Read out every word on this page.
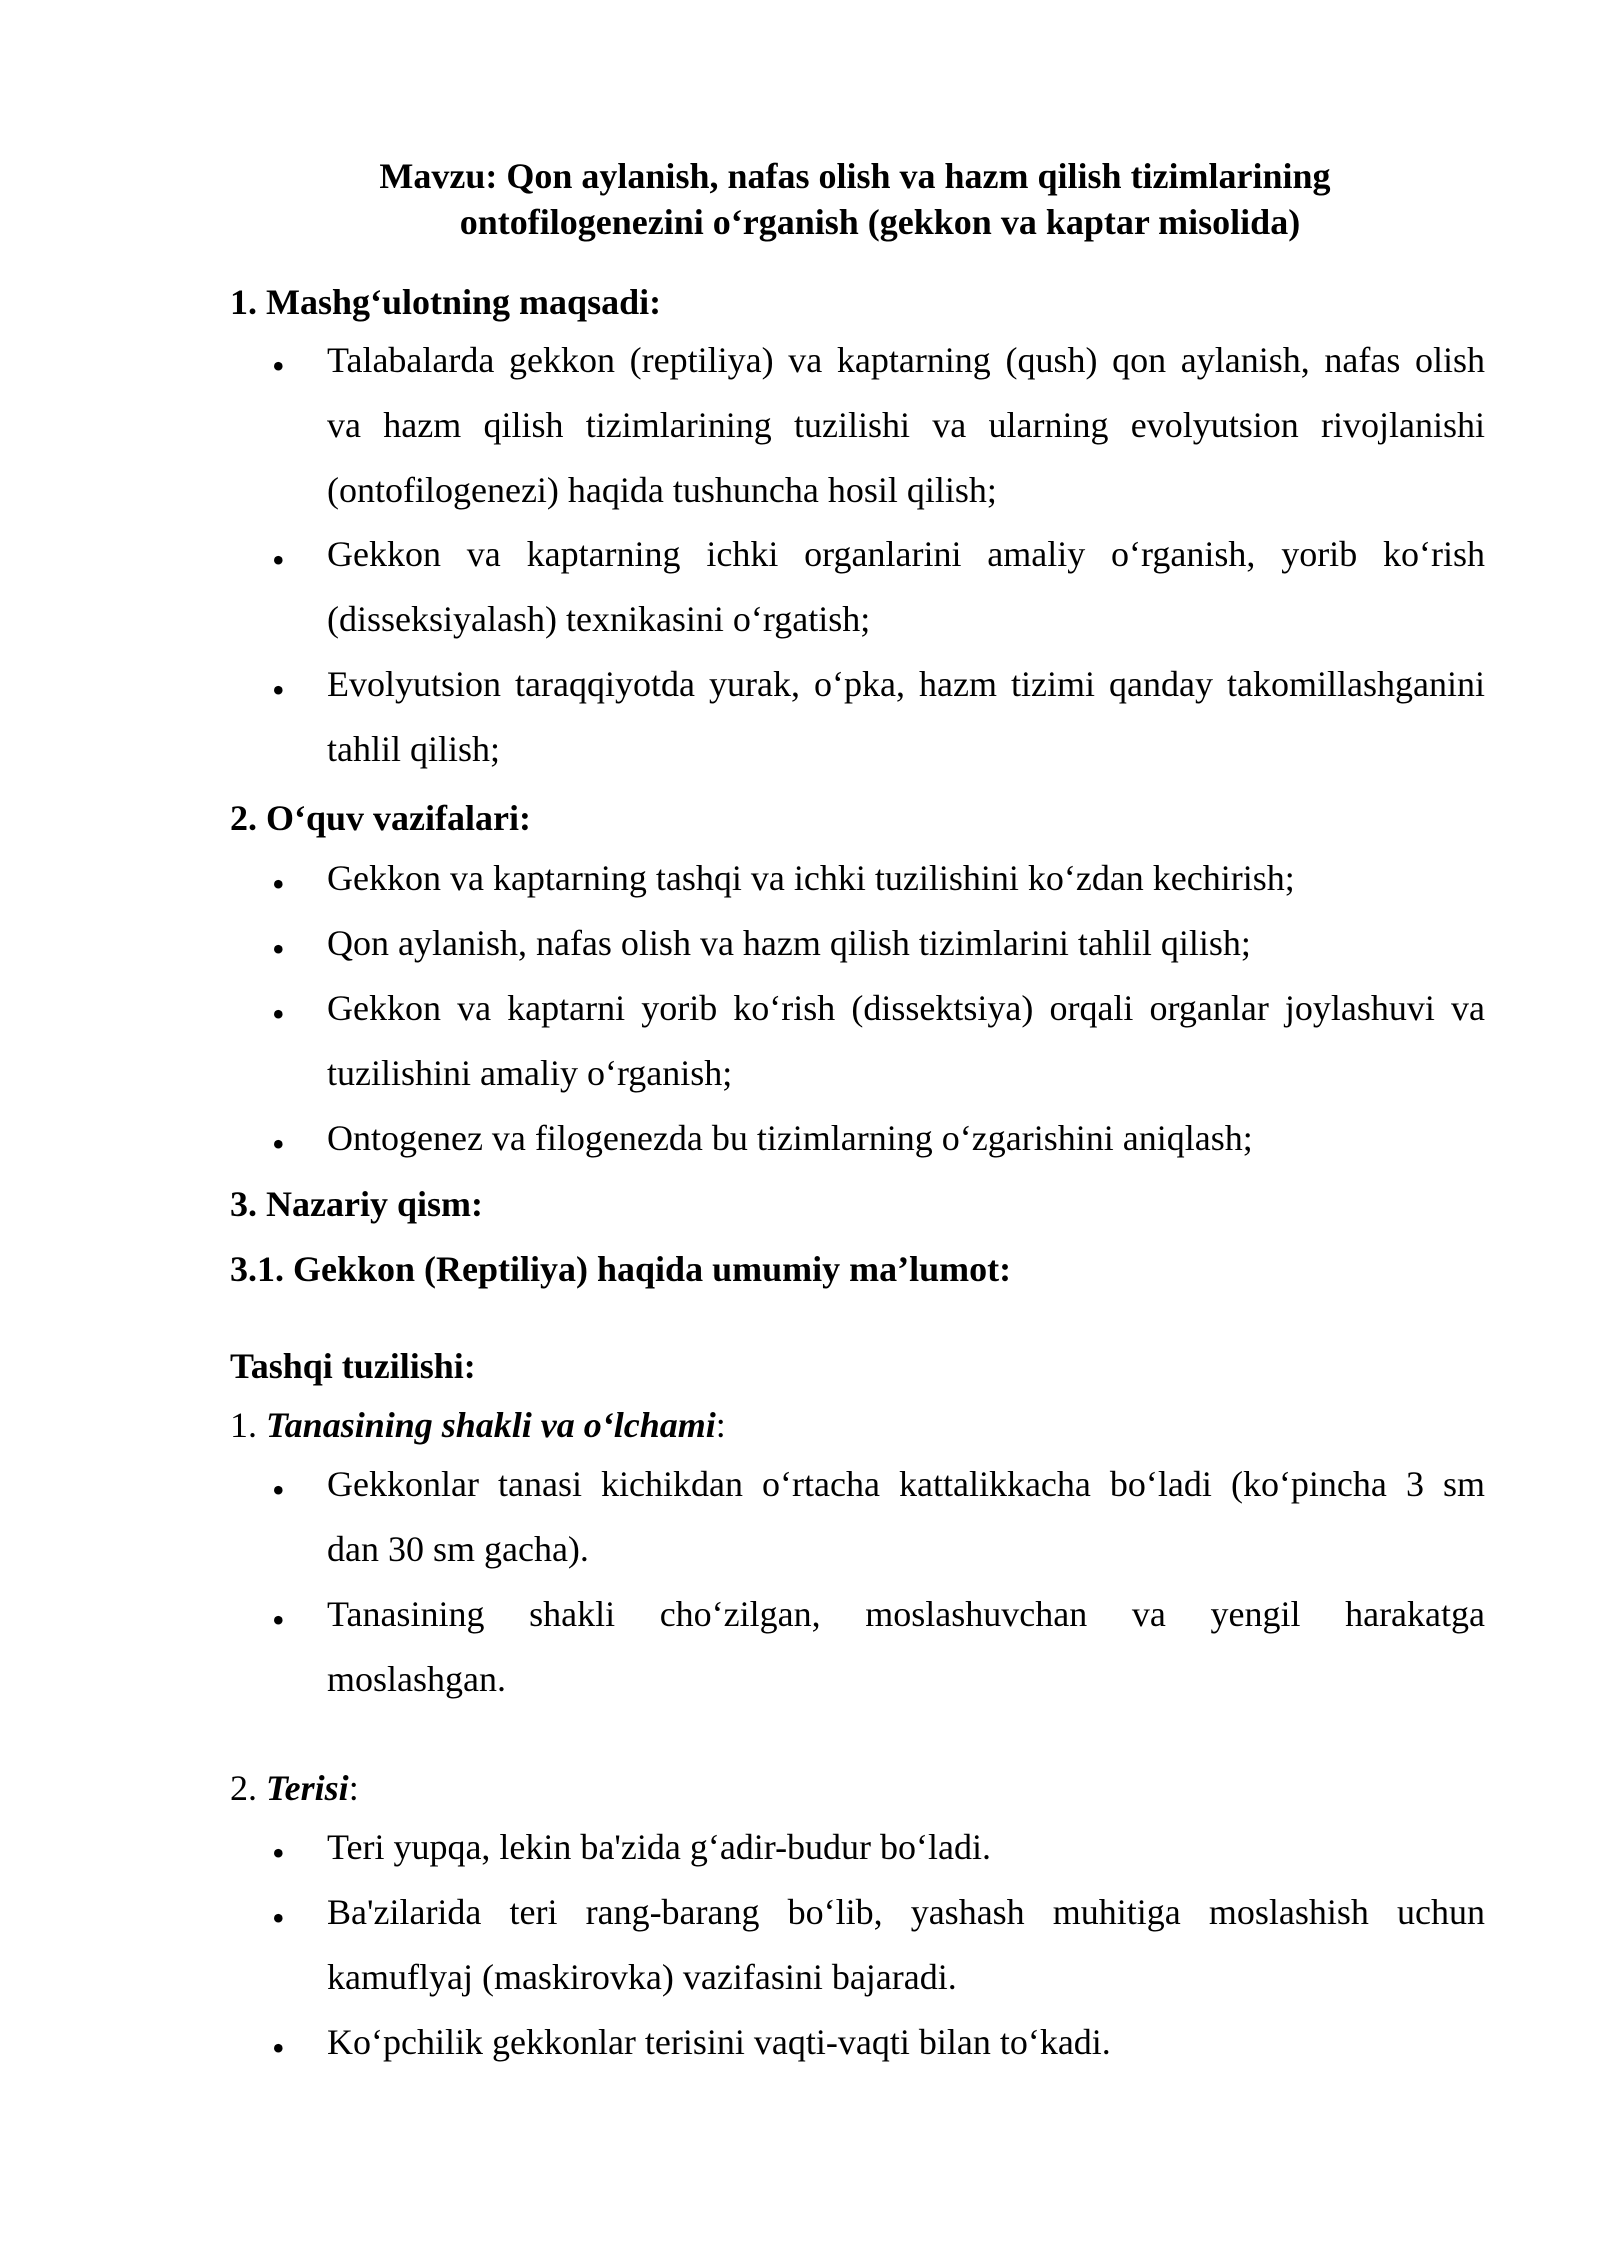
Mavzu: Qon aylanish, nafas olish va hazm qilish tizimlarining
ontofilogenezini o‘rganish (gekkon va kaptar misolida)
1. Mashg‘ulotning maqsadi:
•	Talabalarda gekkon (reptiliya) va kaptarning (qush) qon aylanish, nafas olish
va hazm qilish tizimlarining tuzilishi va ularning evolyutsion rivojlanishi
(ontofilogenezi) haqida tushuncha hosil qilish;
•	Gekkon va kaptarning ichki organlarini amaliy o‘rganish, yorib ko‘rish
(disseksiyalash) texnikasini o‘rgatish;
•	Evolyutsion taraqqiyotda yurak, o‘pka, hazm tizimi qanday takomillashganini
tahlil qilish;
2. O‘quv vazifalari:
•	Gekkon va kaptarning tashqi va ichki tuzilishini ko‘zdan kechirish;
•	Qon aylanish, nafas olish va hazm qilish tizimlarini tahlil qilish;
•	Gekkon va kaptarni yorib ko‘rish (dissektsiya) orqali organlar joylashuvi va
tuzilishini amaliy o‘rganish;
•	Ontogenez va filogenezda bu tizimlarning o‘zgarishini aniqlash;
3. Nazariy qism:
3.1. Gekkon (Reptiliya) haqida umumiy ma’lumot:
Tashqi tuzilishi:
1. Tanasining shakli va o‘lchami:
•	Gekkonlar tanasi kichikdan o‘rtacha kattalikkacha bo‘ladi (ko‘pincha 3 sm
dan 30 sm gacha).
•	Tanasining shakli cho‘zilgan, moslashuvchan va yengil harakatga
moslashgan.
2. Terisi:
•	Teri yupqa, lekin ba'zida g‘adir-budur bo‘ladi.
•	Ba'zilarida teri rang-barang bo‘lib, yashash muhitiga moslashish uchun
kamuflyaj (maskirovka) vazifasini bajaradi.
•	Ko‘pchilik gekkonlar terisini vaqti-vaqti bilan to‘kadi.
